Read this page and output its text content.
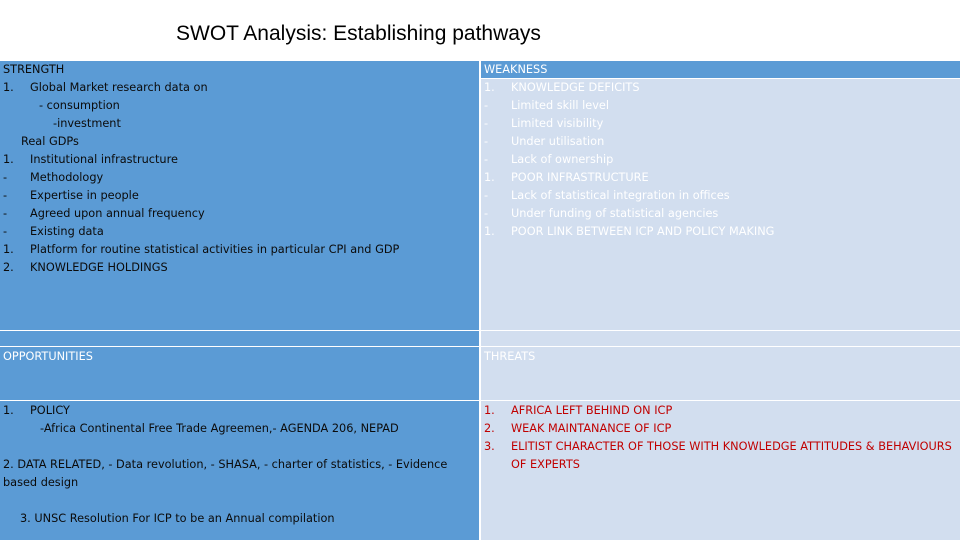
SWOT Analysis: Establishing pathways
STRENGTH
1. Global Market research data on
- consumption
-investment
Real GDPs
1. Institutional infrastructure
- Methodology
- Expertise in people
- Agreed upon annual frequency
- Existing data
1. Platform for routine statistical activities in particular CPI and GDP
2. KNOWLEDGE HOLDINGS
WEAKNESS
1. KNOWLEDGE DEFICITS
- Limited skill level
- Limited visibility
- Under utilisation
- Lack of ownership
1. POOR INFRASTRUCTURE
- Lack of statistical integration in offices
- Under funding of statistical agencies
1. POOR LINK BETWEEN ICP AND POLICY MAKING
OPPORTUNITIES	THREATS
1. POLICY
-Africa Continental Free Trade Agreemen,- AGENDA 206, NEPAD
2. DATA RELATED, - Data revolution, - SHASA, - charter of statistics, - Evidence
based design
3. UNSC Resolution For ICP to be an Annual compilation
1. AFRICA LEFT BEHIND ON ICP
2. WEAK MAINTANANCE OF ICP
3. ELITIST CHARACTER OF THOSE WITH KNOWLEDGE ATTITUDES & BEHAVIOURS
OF EXPERTS
